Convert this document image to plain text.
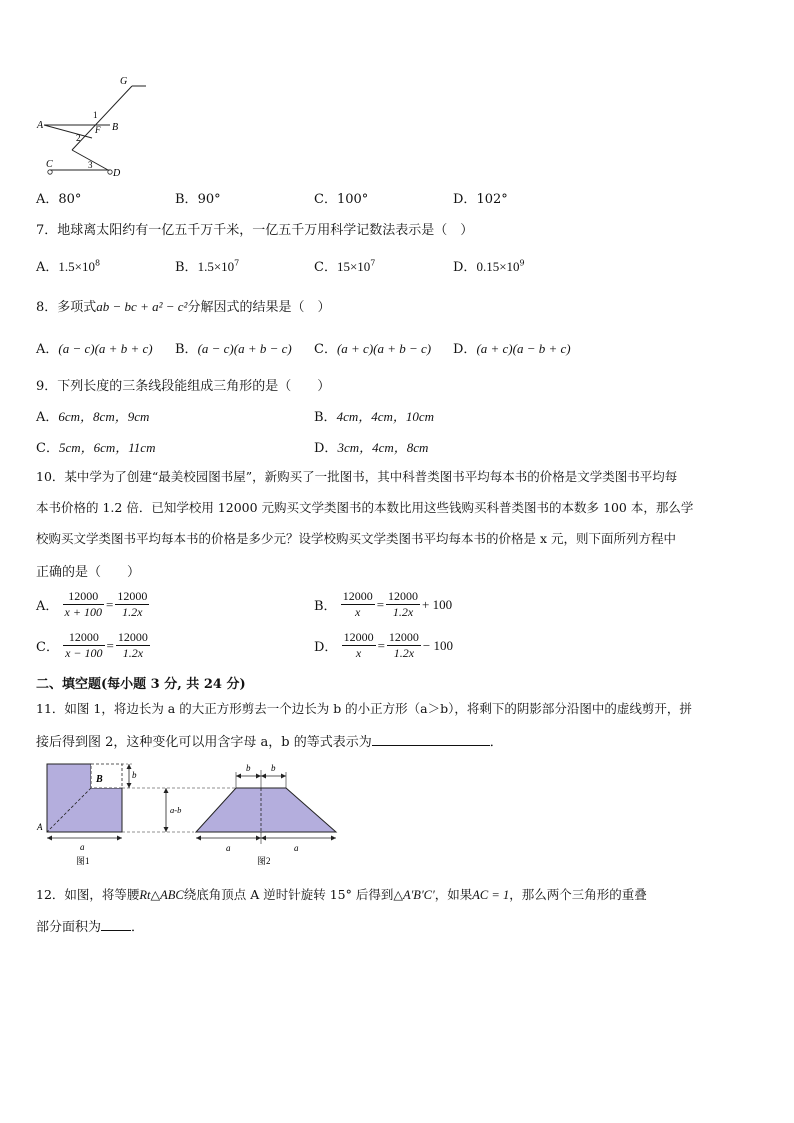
G
A	B
C
D
F
1
2
3
A．80°	B．90°	C．100°	D．102°
7．地球离太阳约有一亿五千万千米，一亿五千万用科学记数法表示是（　）
A．$1.5\times 10^8$	B．$1.5\times 10^7$	C．$15\times 10^7$	D．$0.15\times 10^9$
8．多项式ab − bc + a² − c²分解因式的结果是（　）
A．(a − c)(a + b + c) B．(a − c)(a + b − c) C．(a + c)(a + b − c) D．(a + c)(a − b + c)
9．下列长度的三条线段能组成三角形的是（　　）
A．6cm，8cm，9cm	B．4cm，4cm，10cm
C．5cm，6cm，11cm	D．3cm，4cm，8cm
10．某中学为了创建“最美校园图书屋”，新购买了一批图书，其中科普类图书平均每本书的价格是文学类图书平均每
本书价格的 1.2 倍．已知学校用 12000 元购买文学类图书的本数比用这些钱购买科普类图书的本数多 100 本，那么学
校购买文学类图书平均每本书的价格是多少元？设学校购买文学类图书平均每本书的价格是 x 元，则下面所列方程中
正确的是（　　）
A． $\frac{12000}{x + 100} = \frac{12000}{1.2x}$	B． $\frac{12000}{x} = \frac{12000}{1.2x} + 100$
C． $\frac{12000}{x - 100} = \frac{12000}{1.2x}$	D． $\frac{12000}{x} = \frac{12000}{1.2x} - 100$
二、填空题(每小题 3 分, 共 24 分)
11．如图 1，将边长为 a 的大正方形剪去一个边长为 b 的小正方形（a＞b），将剩下的阴影部分沿图中的虚线剪开，拼
接后得到图 2，这种变化可以用含字母 a，b 的等式表示为	．
B
A
b
a-b
a
图1
b b
a	a
图2
12．如图，将等腰Rt△ABC绕底角顶点 A 逆时针旋转 15° 后得到△A′B′C′，如果AC = 1，那么两个三角形的重叠
部分面积为 ．
